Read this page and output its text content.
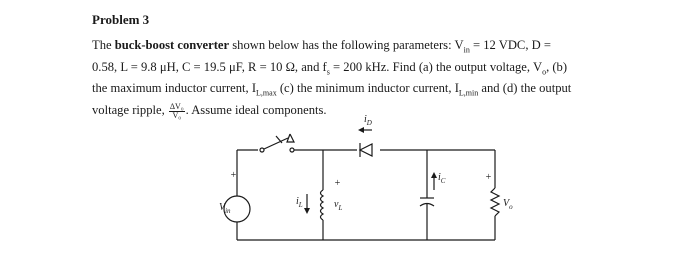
Problem 3
The buck-boost converter shown below has the following parameters: $V_{in} = 12$ VDC, D =
0.58, L = 9.8 μH, C = 19.5 μF, R = 10 Ω, and $f_s = 200$ kHz. Find (a) the output voltage, $V_o$, (b)
the maximum inductor current, $I_{L,max}$ (c) the minimum inductor current, $I_{L,min}$ and (d) the output
voltage ripple, $\frac{\text{ΔV₀}}{\text{V₀}}$. Assume ideal components.
+
$V_{in}$
$i_L$
+
$v_L$
$i_D$
$i_C$	+
$V_o$
